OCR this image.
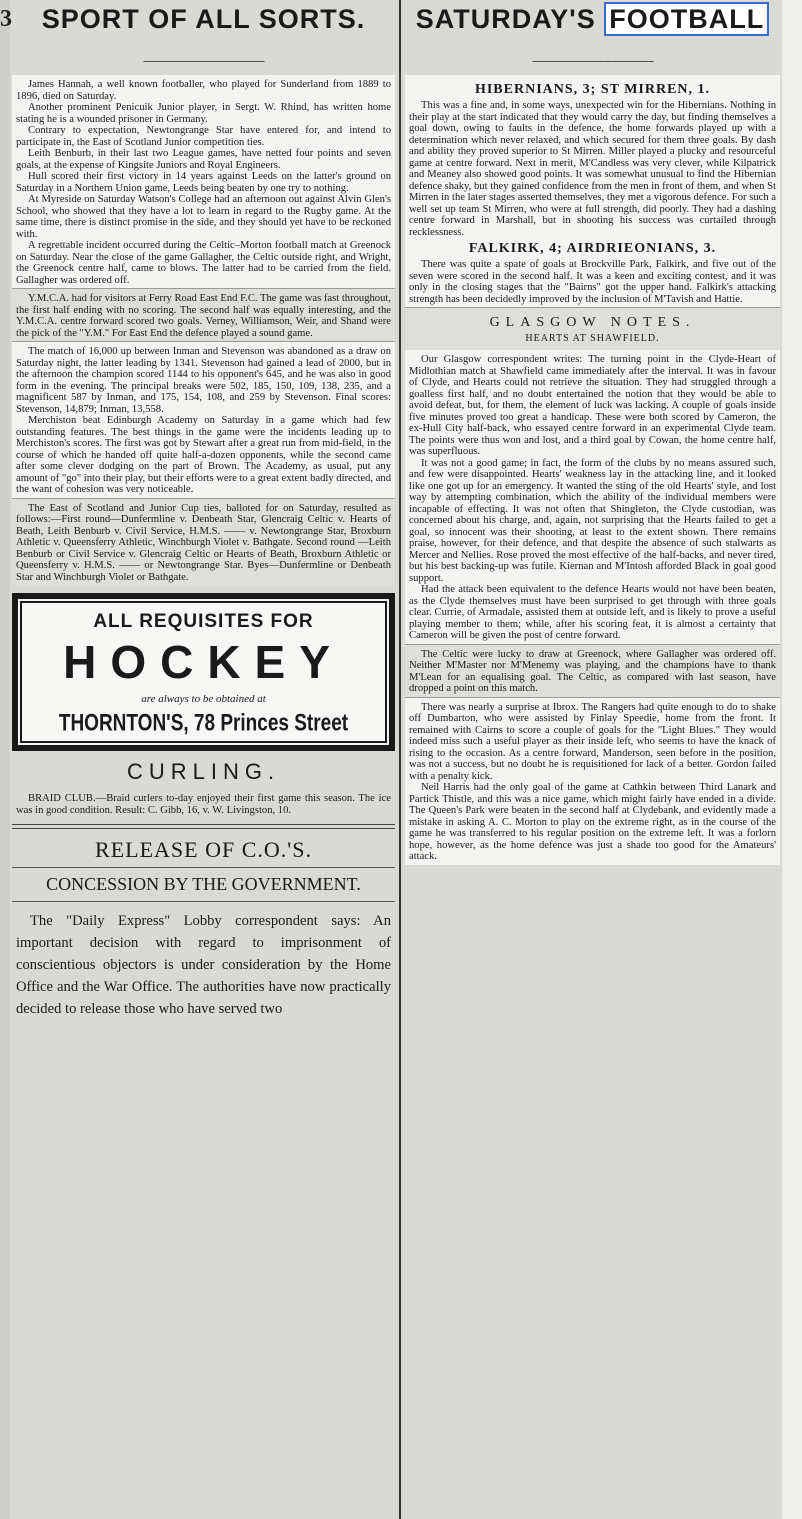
3	SPORT OF ALL SORTS.
──────── ────────

James Hannah, a well known footballer, who played for Sunderland from 1889 to 1896, died on Saturday.

Another prominent Penicuik Junior player, in Sergt. W. Rhind, has written home stating he is a wounded prisoner in Germany.

Contrary to expectation, Newtongrange Star have entered for, and intend to participate in, the East of Scotland Junior competition ties.

Leith Benburb, in their last two League games, have netted four points and seven goals, at the expense of Kingsite Juniors and Royal Engineers.

Hull scored their first victory in 14 years against Leeds on the latter's ground on Saturday in a Northern Union game, Leeds being beaten by one try to nothing.

At Myreside on Saturday Watson's College had an afternoon out against Alvin Glen's School, who showed that they have a lot to learn in regard to the Rugby game. At the same time, there is distinct promise in the side, and they should yet have to be reckoned with.

A regrettable incident occurred during the Celtic–Morton football match at Greenock on Saturday. Near the close of the game Gallagher, the Celtic outside right, and Wright, the Greenock centre half, came to blows. The latter had to be carried from the field. Gallagher was ordered off.

Y.M.C.A. had for visitors at Ferry Road East End F.C. The game was fast throughout, the first half ending with no scoring. The second half was equally interesting, and the Y.M.C.A. centre forward scored two goals. Verney, Williamson, Weir, and Shand were the pick of the "Y.M." For East End the defence played a sound game.

The match of 16,000 up between Inman and Stevenson was abandoned as a draw on Saturday night, the latter leading by 1341. Stevenson had gained a lead of 2000, but in the afternoon the champion scored 1144 to his opponent's 645, and he was also in good form in the evening. The principal breaks were 502, 185, 150, 109, 138, 235, and a magnificent 587 by Inman, and 175, 154, 108, and 259 by Stevenson. Final scores: Stevenson, 14,879; Inman, 13,558.

Merchiston beat Edinburgh Academy on Saturday in a game which had few outstanding features. The best things in the game were the incidents leading up to Merchiston's scores. The first was got by Stewart after a great run from mid-field, in the course of which he handed off quite half-a-dozen opponents, while the second came after some clever dodging on the part of Brown. The Academy, as usual, put any amount of "go" into their play, but their efforts were to a great extent badly directed, and the want of cohesion was very noticeable.

The East of Scotland and Junior Cup ties, balloted for on Saturday, resulted as follows:—First round—Dunfermline v. Denbeath Star, Glencraig Celtic v. Hearts of Beath, Leith Benburb v. Civil Service, H.M.S. —— v. Newtongrange Star, Broxburn Athletic v. Queensferry Athletic, Winchburgh Violet v. Bathgate. Second round —Leith Benburb or Civil Service v. Glencraig Celtic or Hearts of Beath, Broxburn Athletic or Queensferry v. H.M.S. —— or Newtongrange Star. Byes—Dunfermline or Denbeath Star and Winchburgh Violet or Bathgate.

ALL REQUISITES FOR
HOCKEY
are always to be obtained at
THORNTON'S, 78 Princes Street
CURLING.

BRAID CLUB.—Braid curlers to-day enjoyed their first game this season. The ice was in good condition. Result: C. Gibb, 16, v. W. Livingston, 10.

RELEASE OF C.O.'S.
CONCESSION BY THE GOVERNMENT.

The "Daily Express" Lobby correspondent says: An important decision with regard to imprisonment of conscientious objectors is under consideration by the Home Office and the War Office. The authorities have now practically decided to release those who have served two

SATURDAY'S FOOTBALL
──────── ────────
HIBERNIANS, 3; ST MIRREN, 1.

This was a fine and, in some ways, unexpected win for the Hibernians. Nothing in their play at the start indicated that they would carry the day, but finding themselves a goal down, owing to faults in the defence, the home forwards played up with a determination which never relaxed, and which secured for them three goals. By dash and ability they proved superior to St Mirren. Miller played a plucky and resourceful game at centre forward. Next in merit, M'Candless was very clever, while Kilpatrick and Meaney also showed good points. It was somewhat unusual to find the Hibernian defence shaky, but they gained confidence from the men in front of them, and when St Mirren in the later stages asserted themselves, they met a vigorous defence. For such a well set up team St Mirren, who were at full strength, did poorly. They had a dashing centre forward in Marshall, but in shooting his success was curtailed through recklessness.

FALKIRK, 4; AIRDRIEONIANS, 3.

There was quite a spate of goals at Brockville Park, Falkirk, and five out of the seven were scored in the second half. It was a keen and exciting contest, and it was only in the closing stages that the "Bairns" got the upper hand. Falkirk's attacking strength has been decidedly improved by the inclusion of M'Tavish and Hattie.

GLASGOW NOTES.
HEARTS AT SHAWFIELD.

Our Glasgow correspondent writes: The turning point in the Clyde-Heart of Midlothian match at Shawfield came immediately after the interval. It was in favour of Clyde, and Hearts could not retrieve the situation. They had struggled through a goalless first half, and no doubt entertained the notion that they would be able to avoid defeat, but, for them, the element of luck was lacking. A couple of goals inside five minutes proved too great a handicap. These were both scored by Cameron, the ex-Hull City half-back, who essayed centre forward in an experimental Clyde team. The points were thus won and lost, and a third goal by Cowan, the home centre half, was superfluous.

It was not a good game; in fact, the form of the clubs by no means assured such, and few were disappointed. Hearts' weakness lay in the attacking line, and it looked like one got up for an emergency. It wanted the sting of the old Hearts' style, and lost way by attempting combination, which the ability of the individual members were incapable of effecting. It was not often that Shingleton, the Clyde custodian, was concerned about his charge, and, again, not surprising that the Hearts failed to get a goal, so innocent was their shooting, at least to the extent shown. There remains praise, however, for their defence, and that despite the absence of such stalwarts as Mercer and Nellies. Rose proved the most effective of the half-backs, and never tired, but his best backing-up was futile. Kiernan and M'Intosh afforded Black in goal good support.

Had the attack been equivalent to the defence Hearts would not have been beaten, as the Clyde themselves must have been surprised to get through with three goals clear. Currie, of Armadale, assisted them at outside left, and is likely to prove a useful playing member to them; while, after his scoring feat, it is almost a certainty that Cameron will be given the post of centre forward.

The Celtic were lucky to draw at Greenock, where Gallagher was ordered off. Neither M'Master nor M'Menemy was playing, and the champions have to thank M'Lean for an equalising goal. The Celtic, as compared with last season, have dropped a point on this match.

There was nearly a surprise at Ibrox. The Rangers had quite enough to do to shake off Dumbarton, who were assisted by Finlay Speedie, home from the front. It remained with Cairns to score a couple of goals for the "Light Blues." They would indeed miss such a useful player as their inside left, who seems to have the knack of rising to the occasion. As a centre forward, Manderson, seen before in the position, was not a success, but no doubt he is requisitioned for lack of a better. Gordon failed with a penalty kick.

Neil Harris had the only goal of the game at Cathkin between Third Lanark and Partick Thistle, and this was a nice game, which might fairly have ended in a divide. The Queen's Park were beaten in the second half at Clydebank, and evidently made a mistake in asking A. C. Morton to play on the extreme right, as in the course of the game he was transferred to his regular position on the extreme left. It was a forlorn hope, however, as the home defence was just a shade too good for the Amateurs' attack.
